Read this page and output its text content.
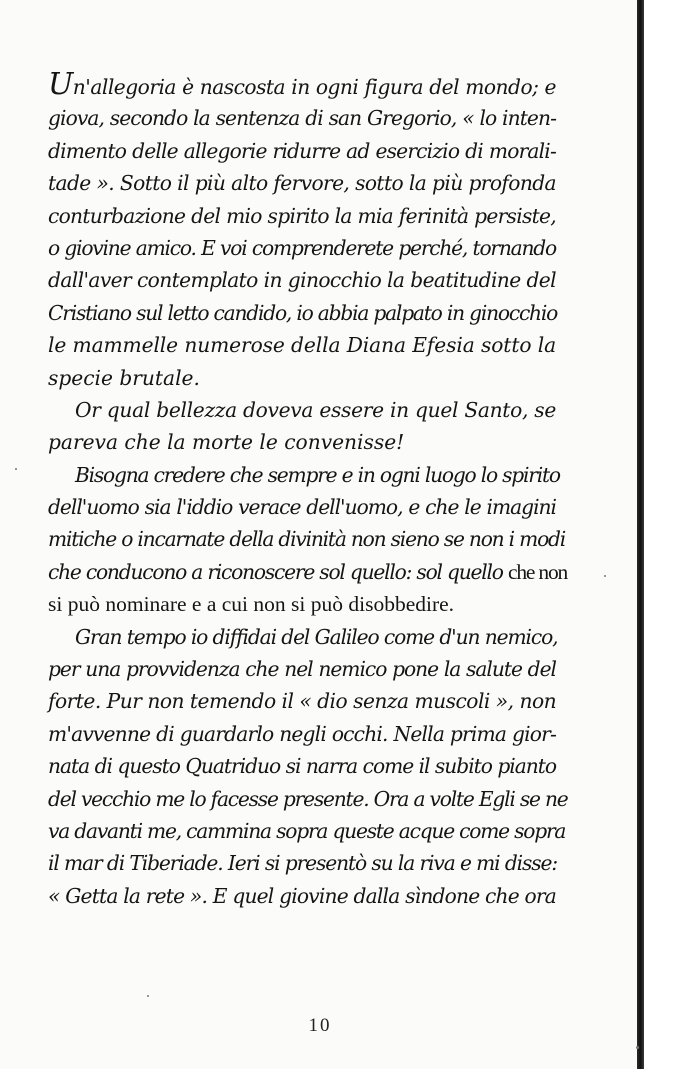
Un'allegoria è nascosta in ogni figura del mondo; e
giova, secondo la sentenza di san Gregorio, « lo inten-
dimento delle allegorie ridurre ad esercizio di morali-
tade ». Sotto il più alto fervore, sotto la più profonda
conturbazione del mio spirito la mia ferinità persiste,
o giovine amico. E voi comprenderete perché, tornando
dall'aver contemplato in ginocchio la beatitudine del
Cristiano sul letto candido, io abbia palpato in ginocchio
le mammelle numerose della Diana Efesia sotto la
specie brutale.
Or qual bellezza doveva essere in quel Santo, se
pareva che la morte le convenisse!
Bisogna credere che sempre e in ogni luogo lo spirito
dell'uomo sia l'iddio verace dell'uomo, e che le imagini
mitiche o incarnate della divinità non sieno se non i modi
che conducono a riconoscere sol quello: sol quello che non
si può nominare e a cui non si può disobbedire.
Gran tempo io diffidai del Galileo come d'un nemico,
per una provvidenza che nel nemico pone la salute del
forte. Pur non temendo il « dio senza muscoli », non
m'avvenne di guardarlo negli occhi. Nella prima gior-
nata di questo Quatriduo si narra come il subito pianto
del vecchio me lo facesse presente. Ora a volte Egli se ne
va davanti me, cammina sopra queste acque come sopra
il mar di Tiberiade. Ieri si presentò su la riva e mi disse:
« Getta la rete ». E quel giovine dalla sìndone che ora
10
